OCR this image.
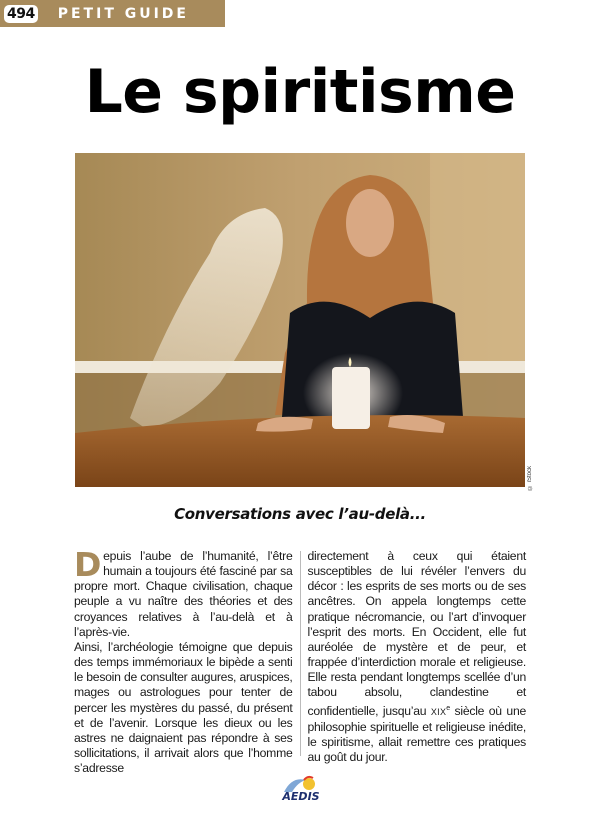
494 PETIT GUIDE
Le spiritisme
© iStock
Conversations avec l’au-delà...

Depuis l’aube de l’humanité, l’être humain a toujours été fasciné par sa propre mort. Chaque civilisation, chaque peuple a vu naître des théories et des croyances relatives à l’au-delà et à l’après-vie.

Ainsi, l’archéologie témoigne que depuis des temps immémoriaux le bipède a senti le besoin de consulter augures, aruspices, mages ou astrologues pour tenter de percer les mystères du passé, du présent et de l’avenir. Lorsque les dieux ou les astres ne daignaient pas répondre à ses sollicitations, il arrivait alors que l’homme s’adresse

directement à ceux qui étaient susceptibles de lui révéler l’envers du décor : les esprits de ses morts ou de ses ancêtres. On appela longtemps cette pratique nécromancie, ou l’art d’invoquer l’esprit des morts. En Occident, elle fut auréolée de mystère et de peur, et frappée d’interdiction morale et religieuse. Elle resta pendant longtemps scellée d’un tabou absolu, clandestine et confidentielle, jusqu’au XIXe siècle où une philosophie spirituelle et religieuse inédite, le spiritisme, allait remettre ces pratiques au goût du jour.

AEDIS
